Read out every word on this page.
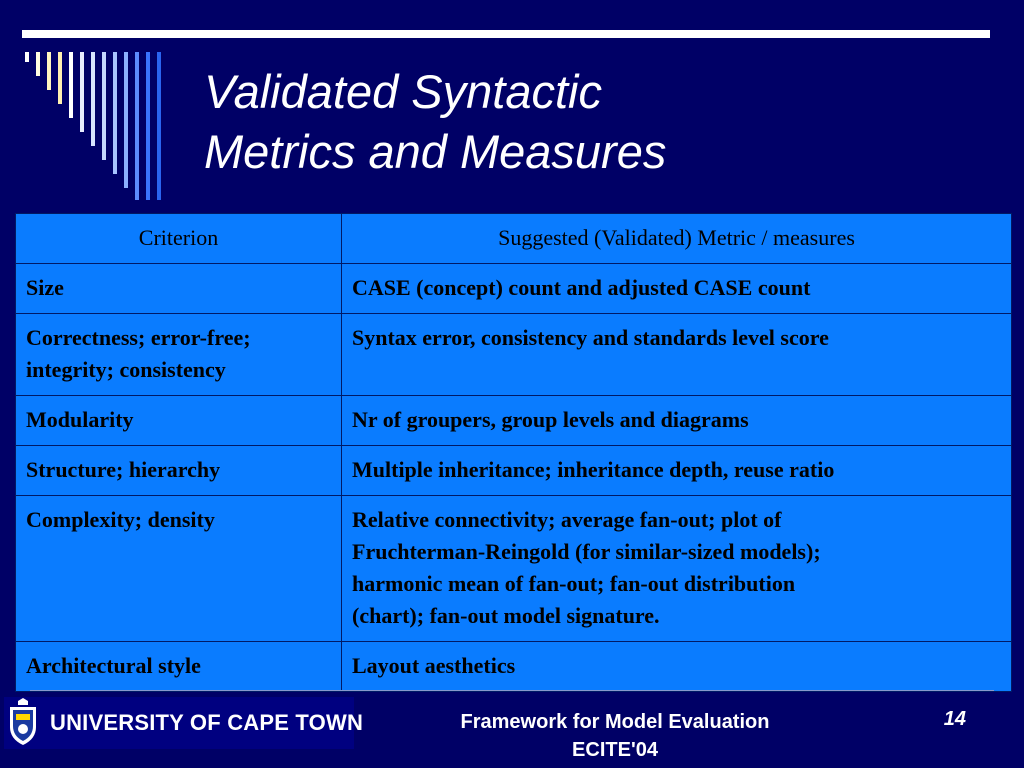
Validated Syntactic
Metrics and Measures
Criterion	Suggested (Validated) Metric / measures
Size	CASE (concept) count and adjusted CASE count
Correctness; error-free;
integrity; consistency	Syntax error, consistency and standards level score
Modularity	Nr of groupers, group levels and diagrams
Structure; hierarchy	Multiple inheritance; inheritance depth, reuse ratio
Complexity; density	Relative connectivity; average fan-out; plot of
Fruchterman-Reingold (for similar-sized models);
harmonic mean of fan-out; fan-out distribution
(chart); fan-out model signature.
Architectural style	Layout aesthetics
UNIVERSITY OF CAPE TOWN	Framework for Model Evaluation
ECITE'04
14
